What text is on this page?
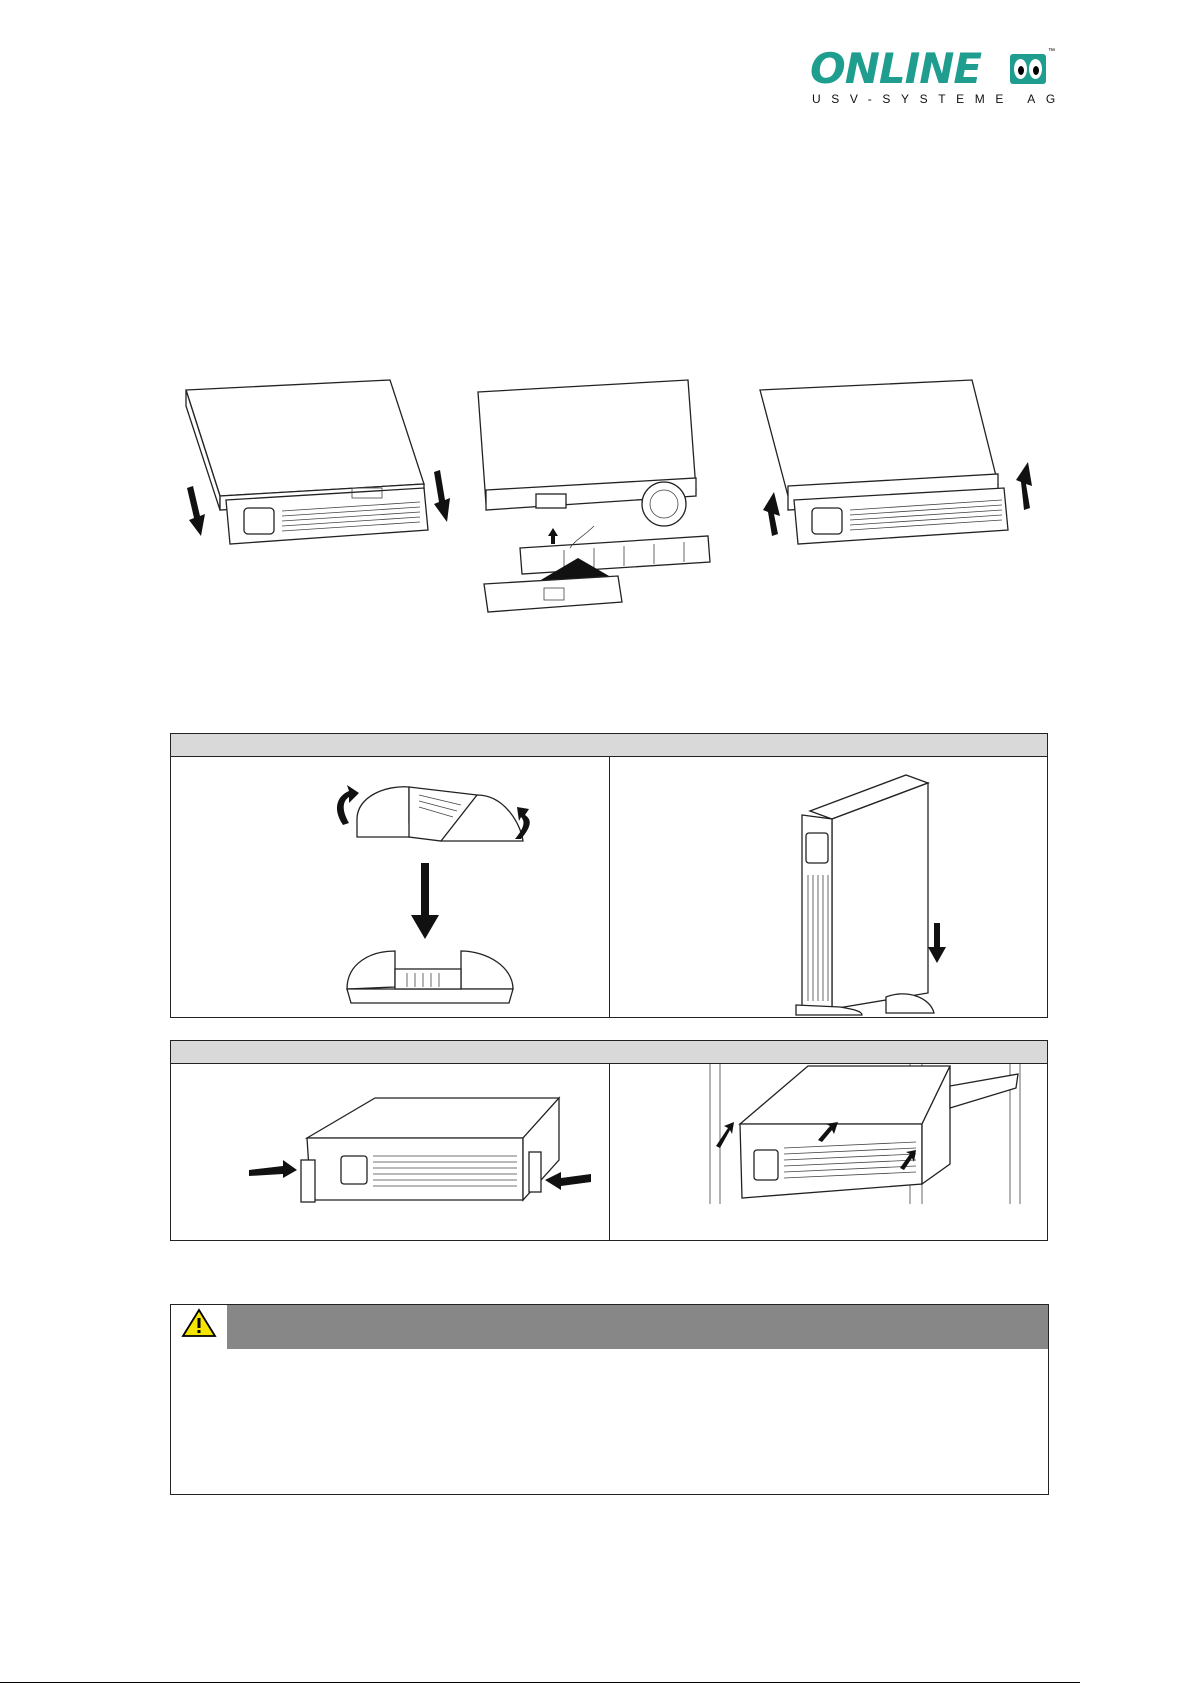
ONLINE	™
USV-SYSTEME AG
